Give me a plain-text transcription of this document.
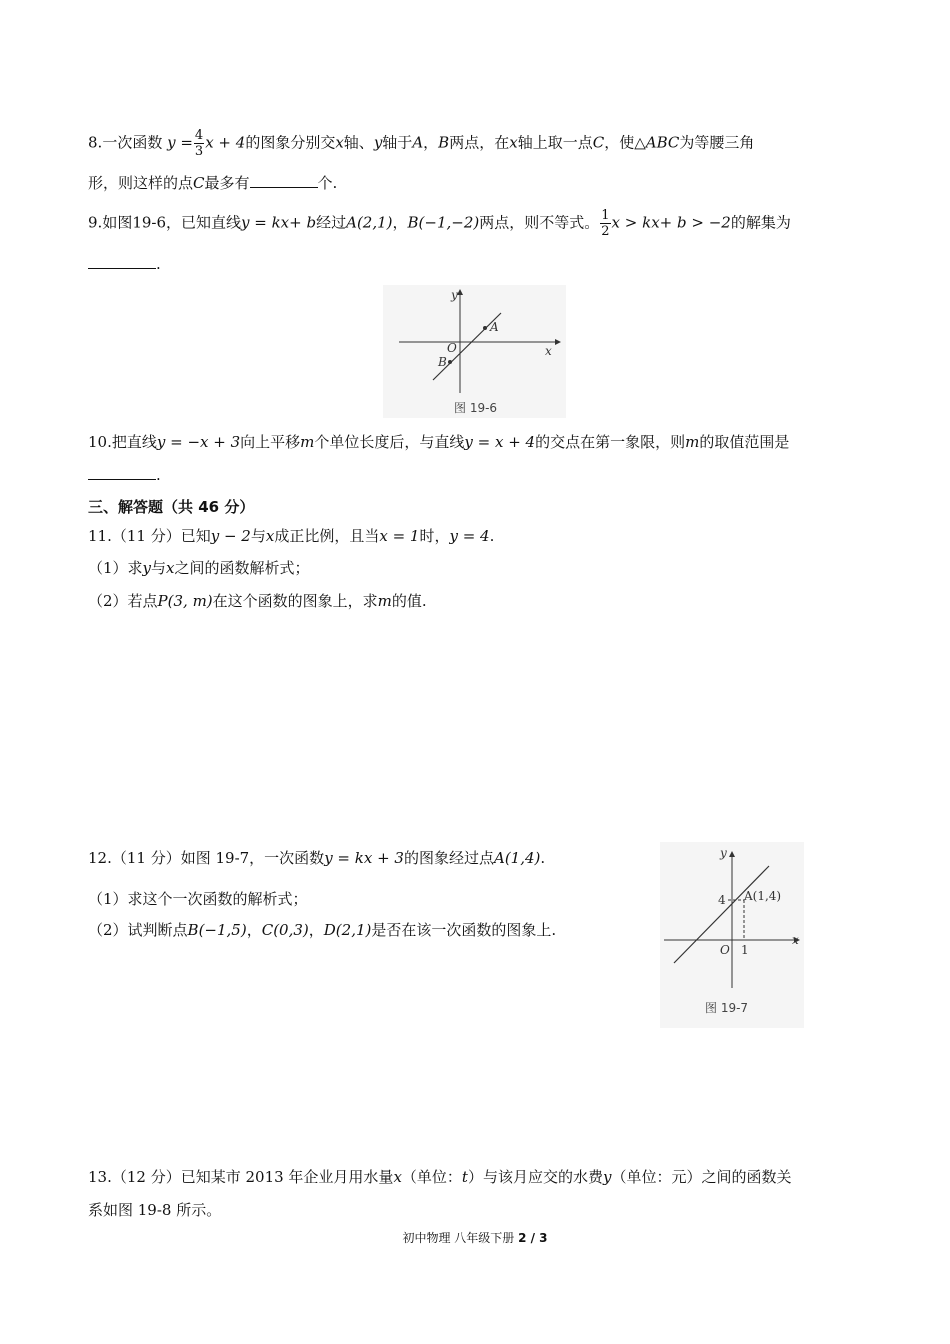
8.一次函数 $y = \frac{4}{3}$ x + 4的图象分别交x轴、y轴于A，B两点，在x轴上取一点C，使△ABC为等腰三角
形，则这样的点C最多有	个.
9.如图19-6，已知直线y = kx+ b经过A(2,1)，B(−1,−2)两点，则不等式。 $\frac{1}{2}$ x > kx+ b > −2的解集为
.
x
y
O
A
B
图 19-6
10.把直线y = −x + 3向上平移m个单位长度后，与直线y = x + 4的交点在第一象限，则m的取值范围是
.
三、解答题（共 46 分）
11.（11 分）已知y − 2与x成正比例，且当x = 1时，y = 4.
（1）求y与x之间的函数解析式；
（2）若点P(3, m)在这个函数的图象上，求m的值.
12.（11 分）如图 19-7，一次函数y = kx + 3的图象经过点A(1,4).
（1）求这个一次函数的解析式；
（2）试判断点B(−1,5)，C(0,3)，D(2,1)是否在该一次函数的图象上.
x
y
O
4
1
A(1,4)
图 19-7
13.（12 分）已知某市 2013 年企业月用水量x（单位：t）与该月应交的水费y（单位：元）之间的函数关
系如图 19-8 所示。
初中物理 八年级下册 2 / 3
